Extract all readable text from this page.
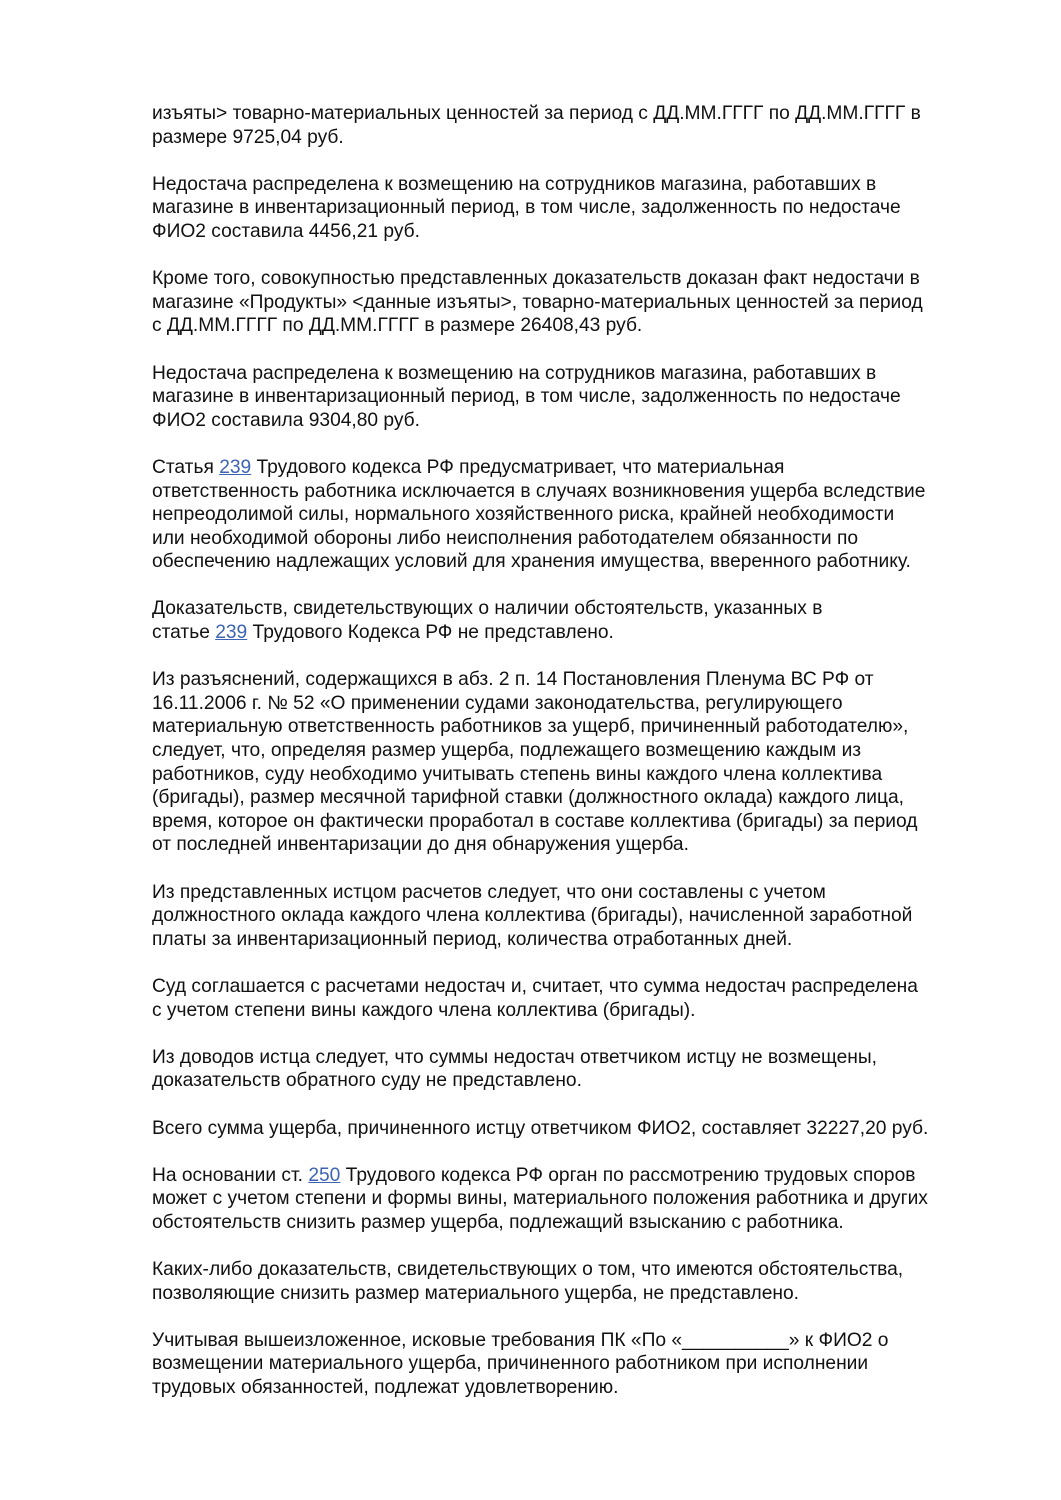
изъяты> товарно-материальных ценностей за период с ДД.ММ.ГГГГ по ДД.ММ.ГГГГ в
размере 9725,04 руб.

Недостача распределена к возмещению на сотрудников магазина, работавших в
магазине в инвентаризационный период, в том числе, задолженность по недостаче
ФИО2 составила 4456,21 руб.

Кроме того, совокупностью представленных доказательств доказан факт недостачи в
магазине «Продукты» <данные изъяты>, товарно-материальных ценностей за период
с ДД.ММ.ГГГГ по ДД.ММ.ГГГГ в размере 26408,43 руб.

Недостача распределена к возмещению на сотрудников магазина, работавших в
магазине в инвентаризационный период, в том числе, задолженность по недостаче
ФИО2 составила 9304,80 руб.

Статья 239 Трудового кодекса РФ предусматривает, что материальная
ответственность работника исключается в случаях возникновения ущерба вследствие
непреодолимой силы, нормального хозяйственного риска, крайней необходимости
или необходимой обороны либо неисполнения работодателем обязанности по
обеспечению надлежащих условий для хранения имущества, вверенного работнику.

Доказательств, свидетельствующих о наличии обстоятельств, указанных в
статье 239 Трудового Кодекса РФ не представлено.

Из разъяснений, содержащихся в абз. 2 п. 14 Постановления Пленума ВС РФ от
16.11.2006 г. № 52 «О применении судами законодательства, регулирующего
материальную ответственность работников за ущерб, причиненный работодателю»,
следует, что, определяя размер ущерба, подлежащего возмещению каждым из
работников, суду необходимо учитывать степень вины каждого члена коллектива
(бригады), размер месячной тарифной ставки (должностного оклада) каждого лица,
время, которое он фактически проработал в составе коллектива (бригады) за период
от последней инвентаризации до дня обнаружения ущерба.

Из представленных истцом расчетов следует, что они составлены с учетом
должностного оклада каждого члена коллектива (бригады), начисленной заработной
платы за инвентаризационный период, количества отработанных дней.

Суд соглашается с расчетами недостач и, считает, что сумма недостач распределена
с учетом степени вины каждого члена коллектива (бригады).

Из доводов истца следует, что суммы недостач ответчиком истцу не возмещены,
доказательств обратного суду не представлено.

Всего сумма ущерба, причиненного истцу ответчиком ФИО2, составляет 32227,20 руб.

На основании ст. 250 Трудового кодекса РФ орган по рассмотрению трудовых споров
может с учетом степени и формы вины, материального положения работника и других
обстоятельств снизить размер ущерба, подлежащий взысканию с работника.

Каких-либо доказательств, свидетельствующих о том, что имеются обстоятельства,
позволяющие снизить размер материального ущерба, не представлено.

Учитывая вышеизложенное, исковые требования ПК «По «__________» к ФИО2 о
возмещении материального ущерба, причиненного работником при исполнении
трудовых обязанностей, подлежат удовлетворению.
